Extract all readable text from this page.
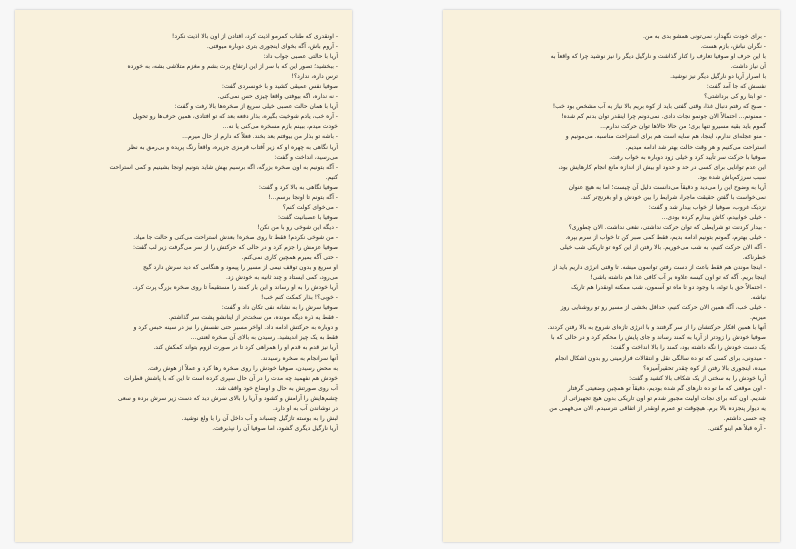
- اونقدری که طناب کمرمو اذیت کرد، افتادن از اون بالا اذیت نکرد!
- آروم باش، آگه بخوای اینجوری بتری دوباره میوفتی.
آریا با حالتی عصبی جواب داد:
- ببخشید؛ تصور این که با سر از این ارتفاع پرت بشم و مغزم متلاشی بشه، به خورده
ترس داره، ندارد؟!
صوفیا نفس عمیقی کشید و با خونسردی گفت:
- نه نداره، اگه بیوفتی واقعا چیزی حس نمی‌کنی.
آریا با همان حالت عصبی خیلی سریع از صخره‌ها بالا رفت و گفت:
- آره خب، یادم شوخیت بگیره، بذار دفعه بعد که تو افتادی، همین حرف‌ها رو تحویل
خودت میدم، ببینم بازم مسخره می‌کنی یا نه...
- باشه تو بذار من بیوفتم بعد بخند. فعلاً که دارم از حال میرم...
آریا نگاهی به چهره او که زیر آفتاب قرمزی جزیره، واقعاً رنگ پریده و بی‌رمق به نظر
می‌رسید، انداخت و گفت:
- آگه بتونیم به اون صخره بزرگه، اگه برسیم بهش شاید بتونیم اونجا بشینیم و کمی استراحت
کنیم.
صوفیا نگاهی به بالا کرد و گفت:
- آگه بتونم تا اونجا برسم...!
- می‌خوای کولت کنم؟
صوفیا با عصبانیت گفت:
- دیگه این شوخی رو با من نکن!
- من شوخی نکردم! فقط تا روی صخره! بعدش استراحت می‌کنی و حالت جا میاد.
صوفیا عزمش را جزم کرد و در حالی که حرکتش را از سر می‌گرفت زیر لب گفت:
- حتی آگه بمیرم همچین کاری نمی‌کنم.
او سریع و بدون توقف نیمی از مسیر را پیمود و هنگامی که دید سرش دارد گیج
می‌رود، کمی ایستاد و چند ثانیه به خودش زد.
آریا خودش را به او رساند و این بار کمند را مستقیماً تا روی صخره بزرگ پرت کرد.
- خوبی؟! بذار کمکت کنم خب!
صوفیا سرش را به نشانه نفی تکان داد و گفت:
- فقط یه ذره دیگه مونده، من سخت‌تر از اینانشو پشت سر گذاشتم.
و دوباره به حرکتش ادامه داد. اواخر مسیر حتی نفسش را نیز در سینه حبس کرد و
فقط به یک چیز اندیشید. رسیدن به بالای آن صخره لعنتی...
آریا نیز قدم به قدم او را همراهی کرد تا در صورت لزوم بتواند کمکش کند.
آنها سرانجام به صخره رسیدند.
به محض رسیدن، صوفیا خودش را روی صخره رها کرد و عملاً از هوش رفت.
خودش هم نفهمید چه مدت را در آن حال سپری کرده است تا این که با پاشش قطرات
آب روی صورتش به حال و اوضاع خود واقف شد.
چشم‌هایش را آرامش و کشود و آریا را بالای سرش دید که دست زیر سرش برده و سعی
در نوشاندن آب به او دارد.
لبش را به بوسته تازگیل چسباند و آب داخل آن را با ولع نوشید.
آریا نارگیل دیگری گشود، اما صوفیا آن را نپذیرفت.
- برای خودت نگهدار، نمی‌تونی همشو بدی به من.
- نگران نباش، بازم هست.
با این حرف او صوفیا تعارف را کنار گذاشت و نارگیل دیگر را نیز نوشید چرا که واقعاً به
آن نیاز داشت.
با اصرار آریا دو نارگیل دیگر نیز نوشید.
نفسش که جا آمد گفت:
- تو ابتا رو کی برداشتی؟
- صبح که رفتم دنبال غذا، وقتی گفتی باید از کوه بریم بالا نیاز به آب مشخص بود خب!
- ممنونم... احتمالاً الان جونمو نجات دادی. نمی‌دونم چرا اینقدر توان بدنم کم شده!
گموم باید بقیه مسیرو تنها بری؛ من حالا حالاها توان حرکت ندارم...
- منو عجله‌ای ندارم، اینجا، هم سایه است هم برای استراحت مناسبه. می‌مونیم و
استراحت می‌کنیم و هر وقت حالت بهتر شد ادامه میدیم.
صوفیا با حرکت سر تأیید کرد و خیلی زود دوباره به خواب رفت.
این عدم توانایی برای کسی در حد و حدود او بیش از اندازه مانع انجام کارهایش بود،
سبب سرزکم‌باش شده بود.
آریا به وضوح این را می‌دید و دقیقاً می‌دانست دلیل آن چیست؛ اما به هیچ عنوان
نمی‌خواست با گفتن حقیقت ماجرا، شرایط را بین خودش و او بغرنج‌تر کند.
نزدیک غروب، صوفیا از خواب بیدار شد و گفت:
- خیلی خوابیدم، کاش بیدارم کرده بودی...
- بیدار کردنت تو شرایطی که توان حرکت نداشتی، نفعی نداشت. الان چطوری؟
- خیلی بهترم، گمونم بتونیم ادامه بدیم، فقط کمی صبر کن تا خواب از سرم بپره.
- آگه الان حرکت کنیم، به شب می‌خوریم. بالا رفتن از این کوه تو تاریکی شب خیلی
خطرناکه.
- اینجا موندن هم فقط باعث از دست رفتن توانمون میشه. تا وقتی انرژی داریم باید از
اینجا بریم. آگه که تو اون کیسه علاوه بر آب کافی غذا هم داشته باشی!
- احتمالاً حق با توئه، با وجود دو تا ماه تو آسمون، شب ممکنه اونقدرا هم تاریک
نباشه.
- خیلی خب، آگه همین الان حرکت کنیم، حداقل بخشی از مسیر رو تو روشنایی روز
میریم.
آنها با همین افکار حرکتشان را از سر گرفتند و با انرژی تازه‌ای شروع به بالا رفتن کردند.
صوفیا خودش را زودتر از آریا به کمند رساند و جای پایش را محکم کرد و در حالی که با
یک دست خودش را نگه داشته بود، کمند را بالا انداخت و گفت:
- میدونی، برای کسی که تو ده سالگی نقل و انتقالات فرازمینی رو بدون اشکال انجام
میده، اینجوری بالا رفتن از کوه چقدر تحقیرآمیزه؟
آریا خودش را به سختی از یک شکاف بالا کشید و گفت:
- اون موقعی که ما تو ده تارهای گم شده بودیم، دقیقاً تو همچین وضعیتی گرفتار
شدیم. اون کنه برای نجات اولیت مجبور شدم تو اون تاریکی بدون هیچ تجهیزاتی از
یه دیوار پنجزده بالا برم. هیچوقت تو عمرم اونقدر از اتفاقی نترسیدم. الان می‌فهمی من
چه حسی داشتم.
- آره قبلاً هم اینو گفتی.
